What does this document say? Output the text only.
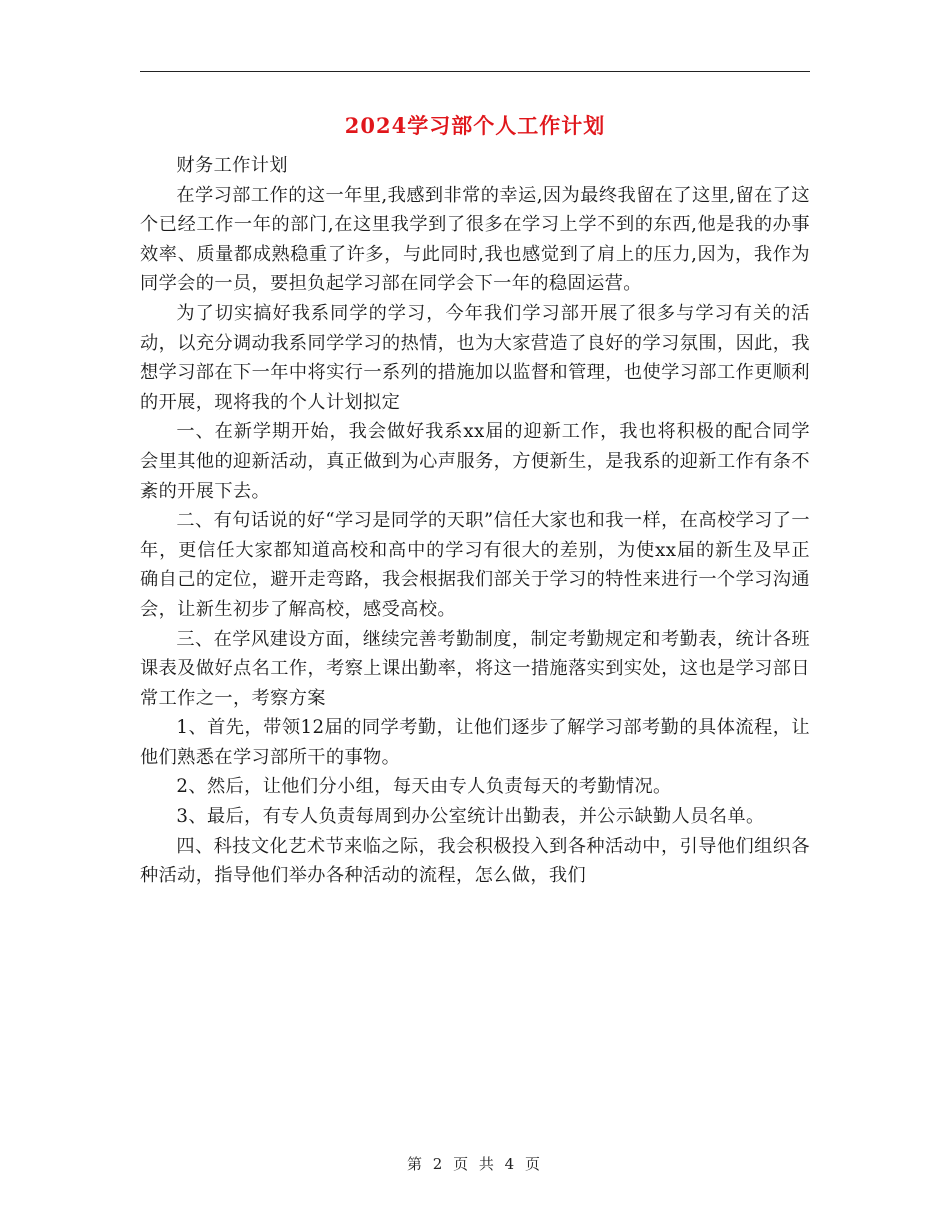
2024学习部个人工作计划

财务工作计划

在学习部工作的这一年里,我感到非常的幸运,因为最终我留在了这里,留在了这个已经工作一年的部门,在这里我学到了很多在学习上学不到的东西,他是我的办事效率、质量都成熟稳重了许多，与此同时,我也感觉到了肩上的压力,因为，我作为同学会的一员，要担负起学习部在同学会下一年的稳固运营。

为了切实搞好我系同学的学习，今年我们学习部开展了很多与学习有关的活动，以充分调动我系同学学习的热情，也为大家营造了良好的学习氛围，因此，我想学习部在下一年中将实行一系列的措施加以监督和管理，也使学习部工作更顺利的开展，现将我的个人计划拟定

一、在新学期开始，我会做好我系xx届的迎新工作，我也将积极的配合同学会里其他的迎新活动，真正做到为心声服务，方便新生，是我系的迎新工作有条不紊的开展下去。

二、有句话说的好“学习是同学的天职”信任大家也和我一样，在高校学习了一年，更信任大家都知道高校和高中的学习有很大的差别，为使xx届的新生及早正确自己的定位，避开走弯路，我会根据我们部关于学习的特性来进行一个学习沟通会，让新生初步了解高校，感受高校。

三、在学风建设方面，继续完善考勤制度，制定考勤规定和考勤表，统计各班课表及做好点名工作，考察上课出勤率，将这一措施落实到实处，这也是学习部日常工作之一，考察方案

1、首先，带领12届的同学考勤，让他们逐步了解学习部考勤的具体流程，让他们熟悉在学习部所干的事物。

2、然后，让他们分小组，每天由专人负责每天的考勤情况。

3、最后，有专人负责每周到办公室统计出勤表，并公示缺勤人员名单。

四、科技文化艺术节来临之际，我会积极投入到各种活动中，引导他们组织各种活动，指导他们举办各种活动的流程，怎么做，我们

第 2 页 共 4 页
